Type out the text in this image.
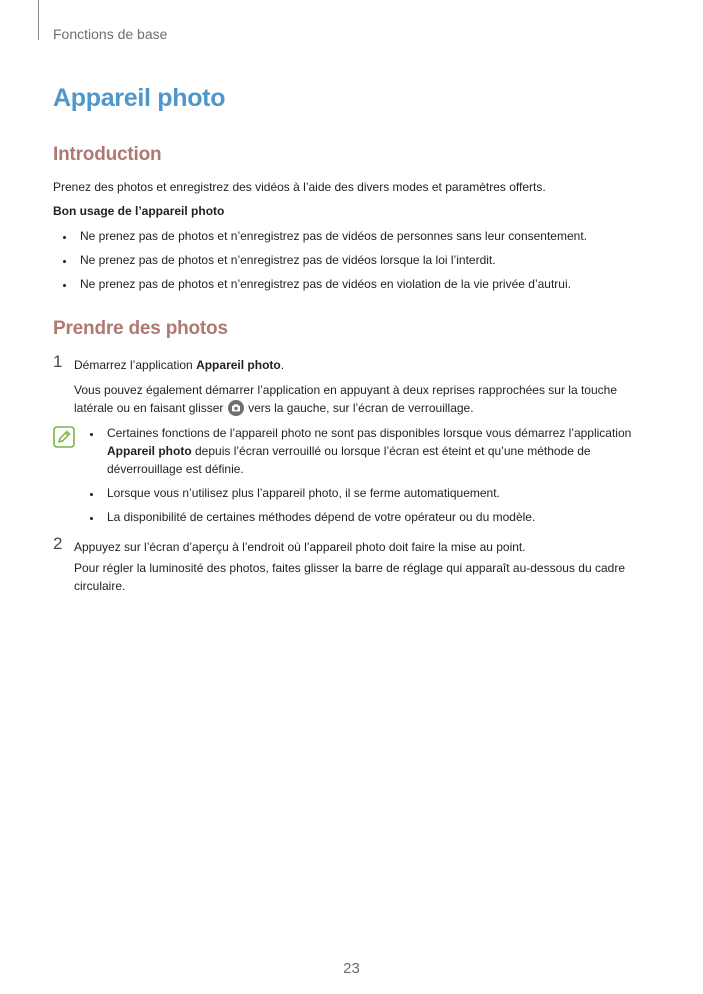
Fonctions de base
Appareil photo
Introduction
Prenez des photos et enregistrez des vidéos à l’aide des divers modes et paramètres offerts.
Bon usage de l’appareil photo
Ne prenez pas de photos et n’enregistrez pas de vidéos de personnes sans leur consentement.
Ne prenez pas de photos et n’enregistrez pas de vidéos lorsque la loi l’interdit.
Ne prenez pas de photos et n’enregistrez pas de vidéos en violation de la vie privée d’autrui.
Prendre des photos
1 Démarrez l’application Appareil photo.
Vous pouvez également démarrer l’application en appuyant à deux reprises rapprochées sur la touche
latérale ou en faisant glisser
vers la gauche, sur l’écran de verrouillage.
Certaines fonctions de l’appareil photo ne sont pas disponibles lorsque vous démarrez l’application
Appareil photo depuis l’écran verrouillé ou lorsque l’écran est éteint et qu’une méthode de
déverrouillage est définie.
Lorsque vous n’utilisez plus l’appareil photo, il se ferme automatiquement.
La disponibilité de certaines méthodes dépend de votre opérateur ou du modèle.
2 Appuyez sur l’écran d’aperçu à l’endroit où l’appareil photo doit faire la mise au point.
Pour régler la luminosité des photos, faites glisser la barre de réglage qui apparaît au-dessous du cadre
circulaire.
23
